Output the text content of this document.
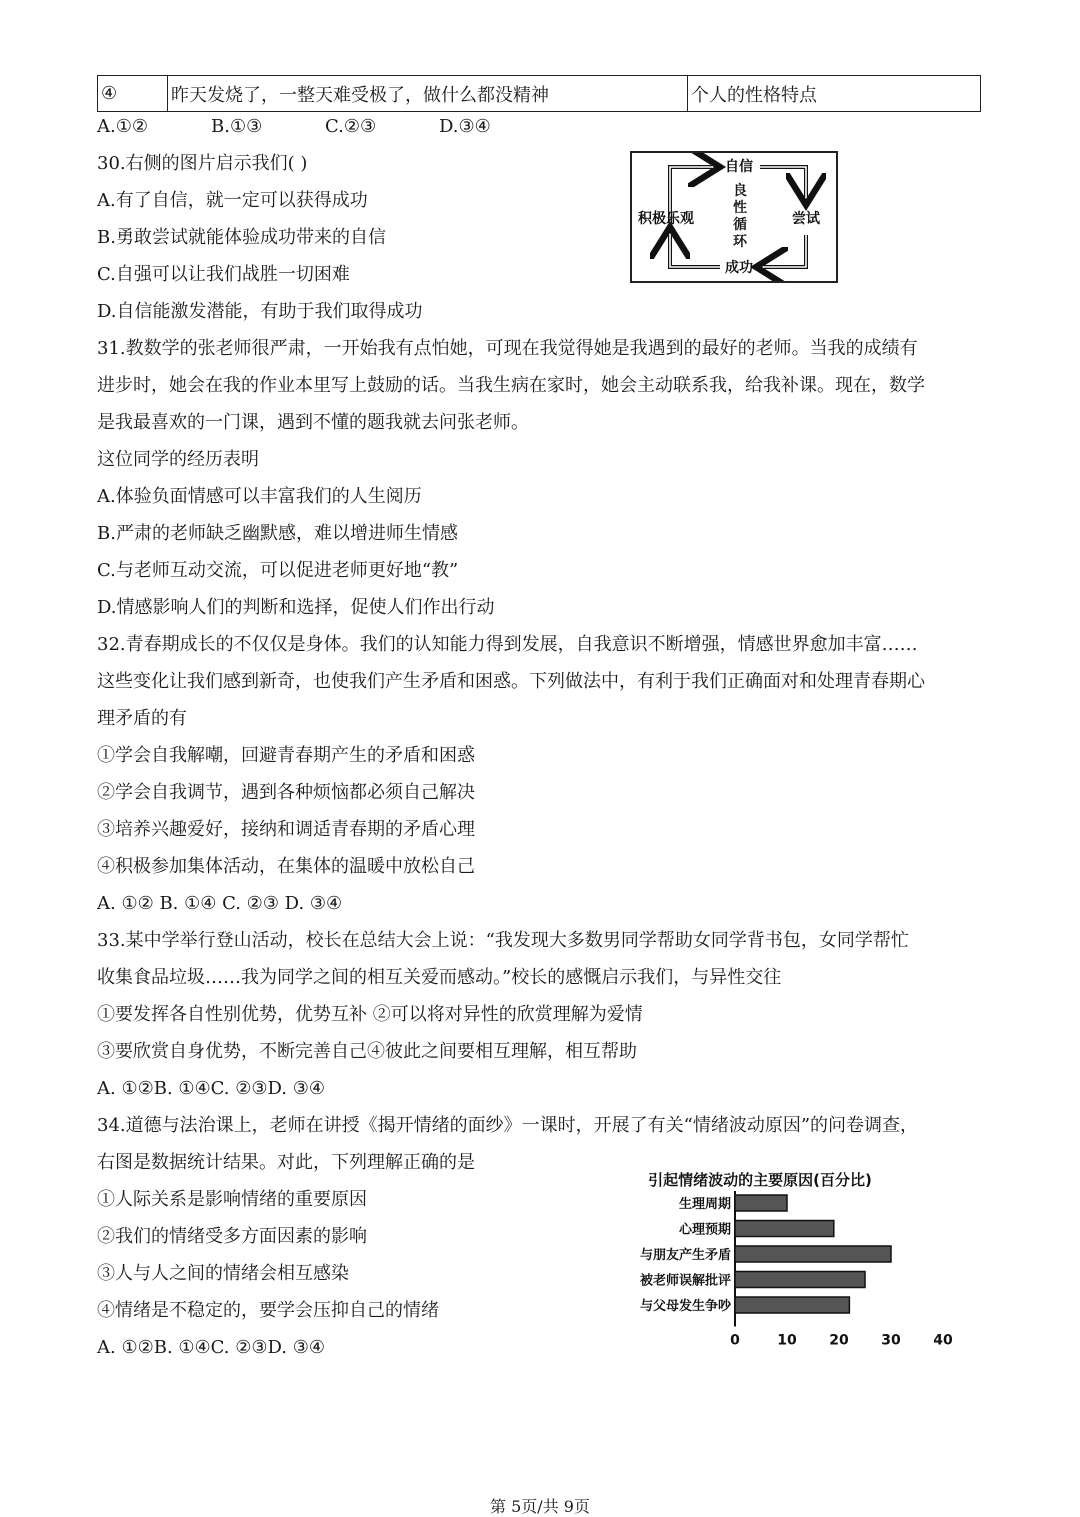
④	昨天发烧了，一整天难受极了，做什么都没精神	个人的性格特点
A.①②	B.①③	C.②③	D.③④
30.右侧的图片启示我们( )
A.有了自信，就一定可以获得成功
B.勇敢尝试就能体验成功带来的自信
C.自强可以让我们战胜一切困难
D.自信能激发潜能，有助于我们取得成功
自信
尝试
成功
积极乐观
良
性
循
环
31.教数学的张老师很严肃，一开始我有点怕她，可现在我觉得她是我遇到的最好的老师。当我的成绩有
进步时，她会在我的作业本里写上鼓励的话。当我生病在家时，她会主动联系我，给我补课。现在，数学
是我最喜欢的一门课，遇到不懂的题我就去问张老师。
这位同学的经历表明
A.体验负面情感可以丰富我们的人生阅历
B.严肃的老师缺乏幽默感，难以增进师生情感
C.与老师互动交流，可以促进老师更好地“教”
D.情感影响人们的判断和选择，促使人们作出行动
32.青春期成长的不仅仅是身体。我们的认知能力得到发展，自我意识不断增强，情感世界愈加丰富……
这些变化让我们感到新奇，也使我们产生矛盾和困惑。下列做法中，有利于我们正确面对和处理青春期心
理矛盾的有
①学会自我解嘲，回避青春期产生的矛盾和困惑
②学会自我调节，遇到各种烦恼都必须自己解决
③培养兴趣爱好，接纳和调适青春期的矛盾心理
④积极参加集体活动，在集体的温暖中放松自己
A. ①② B. ①④ C. ②③ D. ③④
33.某中学举行登山活动，校长在总结大会上说：“我发现大多数男同学帮助女同学背书包，女同学帮忙
收集食品垃圾……我为同学之间的相互关爱而感动。”校长的感慨启示我们，与异性交往
①要发挥各自性别优势，优势互补 ②可以将对异性的欣赏理解为爱情
③要欣赏自身优势，不断完善自己④彼此之间要相互理解，相互帮助
A. ①②B. ①④C. ②③D. ③④
34.道德与法治课上，老师在讲授《揭开情绪的面纱》一课时，开展了有关“情绪波动原因”的问卷调查，
右图是数据统计结果。对此，下列理解正确的是
①人际关系是影响情绪的重要原因
②我们的情绪受多方面因素的影响
③人与人之间的情绪会相互感染
④情绪是不稳定的，要学会压抑自己的情绪
A. ①②B. ①④C. ②③D. ③④
引起情绪波动的主要原因(百分比)
生理周期
心理预期
与朋友产生矛盾
被老师误解批评
与父母发生争吵
0	10 20 30 40
第 5页/共 9页
